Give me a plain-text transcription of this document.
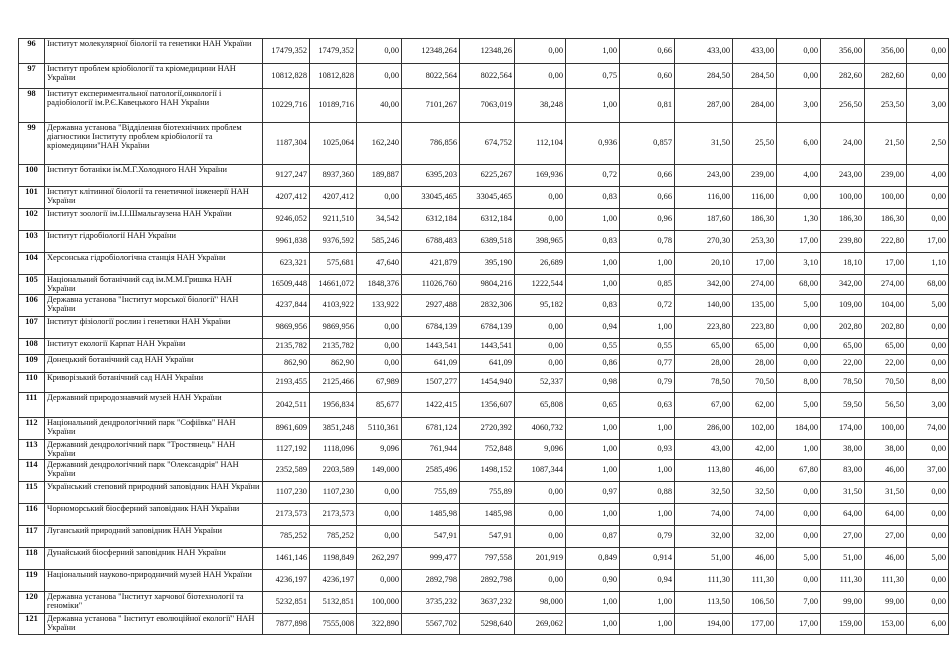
96	Інститут молекулярної біології та генетики НАН України	17479,352	17479,352	0,00	12348,264	12348,26	0,00	1,00	0,66	433,00	433,00	0,00	356,00	356,00	0,00
97	Інститут проблем кріобіології та кріомедицини НАН України	10812,828	10812,828	0,00	8022,564	8022,564	0,00	0,75	0,60	284,50	284,50	0,00	282,60	282,60	0,00
98	Інститут експериментальної патології,онкології і радіобіології ім.Р.Є.Кавецького НАН України	10229,716	10189,716	40,00	7101,267	7063,019	38,248	1,00	0,81	287,00	284,00	3,00	256,50	253,50	3,00
99	Державна установа "Відділення біотехнічних проблем діагностики Інституту проблем кріобіології та кріомедицини"НАН України	1187,304	1025,064	162,240	786,856	674,752	112,104	0,936	0,857	31,50	25,50	6,00	24,00	21,50	2,50
100	Інститут ботаніки ім.М.Г.Холодного НАН України	9127,247	8937,360	189,887	6395,203	6225,267	169,936	0,72	0,66	243,00	239,00	4,00	243,00	239,00	4,00
101	Інститут клітинної біології та генетичної інженерії НАН України	4207,412	4207,412	0,00	33045,465	33045,465	0,00	0,83	0,66	116,00	116,00	0,00	100,00	100,00	0,00
102	Інститут зоології ім.І.І.Шмальгаузена НАН України	9246,052	9211,510	34,542	6312,184	6312,184	0,00	1,00	0,96	187,60	186,30	1,30	186,30	186,30	0,00
103	Інститут гідробіології НАН України	9961,838	9376,592	585,246	6788,483	6389,518	398,965	0,83	0,78	270,30	253,30	17,00	239,80	222,80	17,00
104	Херсонська гідробіологічна станція НАН України	623,321	575,681	47,640	421,879	395,190	26,689	1,00	1,00	20,10	17,00	3,10	18,10	17,00	1,10
105	Національний ботанічний сад ім.М.М.Гришка НАН України	16509,448	14661,072	1848,376	11026,760	9804,216	1222,544	1,00	0,85	342,00	274,00	68,00	342,00	274,00	68,00
106	Державна установа "Інститут морської біології" НАН України	4237,844	4103,922	133,922	2927,488	2832,306	95,182	0,83	0,72	140,00	135,00	5,00	109,00	104,00	5,00
107	Інститут фізіології рослин і генетики НАН України	9869,956	9869,956	0,00	6784,139	6784,139	0,00	0,94	1,00	223,80	223,80	0,00	202,80	202,80	0,00
108	Інститут екології Карпат НАН України	2135,782	2135,782	0,00	1443,541	1443,541	0,00	0,55	0,55	65,00	65,00	0,00	65,00	65,00	0,00
109	Донецький ботанічний сад НАН України	862,90	862,90	0,00	641,09	641,09	0,00	0,86	0,77	28,00	28,00	0,00	22,00	22,00	0,00
110	Криворізький ботанічний сад НАН України	2193,455	2125,466	67,989	1507,277	1454,940	52,337	0,98	0,79	78,50	70,50	8,00	78,50	70,50	8,00
111	Державний природознавчий музей НАН України	2042,511	1956,834	85,677	1422,415	1356,607	65,808	0,65	0,63	67,00	62,00	5,00	59,50	56,50	3,00
112	Національний дендрологічний парк "Софіївка" НАН України	8961,609	3851,248	5110,361	6781,124	2720,392	4060,732	1,00	1,00	286,00	102,00	184,00	174,00	100,00	74,00
113	Державний дендрологічний парк "Тростянець" НАН України	1127,192	1118,096	9,096	761,944	752,848	9,096	1,00	0,93	43,00	42,00	1,00	38,00	38,00	0,00
114	Державний дендрологічний парк "Олександрія" НАН України	2352,589	2203,589	149,000	2585,496	1498,152	1087,344	1,00	1,00	113,80	46,00	67,80	83,00	46,00	37,00
115	Український степовий природний заповідник НАН України	1107,230	1107,230	0,00	755,89	755,89	0,00	0,97	0,88	32,50	32,50	0,00	31,50	31,50	0,00
116	Чорноморський біосферний заповідник НАН України	2173,573	2173,573	0,00	1485,98	1485,98	0,00	1,00	1,00	74,00	74,00	0,00	64,00	64,00	0,00
117	Луганський природний заповідник НАН України	785,252	785,252	0,00	547,91	547,91	0,00	0,87	0,79	32,00	32,00	0,00	27,00	27,00	0,00
118	Дунайський біосферний заповідник НАН України	1461,146	1198,849	262,297	999,477	797,558	201,919	0,849	0,914	51,00	46,00	5,00	51,00	46,00	5,00
119	Національний науково-природничий музей НАН України	4236,197	4236,197	0,000	2892,798	2892,798	0,00	0,90	0,94	111,30	111,30	0,00	111,30	111,30	0,00
120	Державна установа "Інститут харчової біотехнології та геноміки"	5232,851	5132,851	100,000	3735,232	3637,232	98,000	1,00	1,00	113,50	106,50	7,00	99,00	99,00	0,00
121	Державна установа " Інститут еволюційної екології" НАН України	7877,898	7555,008	322,890	5567,702	5298,640	269,062	1,00	1,00	194,00	177,00	17,00	159,00	153,00	6,00
